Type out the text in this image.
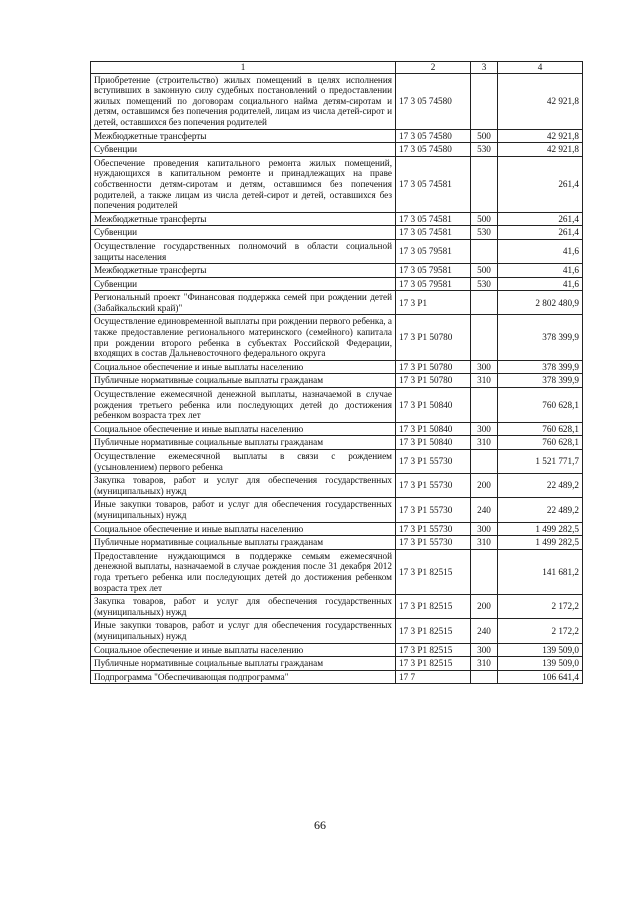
1	2	3	4
Приобретение (строительство) жилых помещений в целях исполнения вступивших в законную силу судебных постановлений о предоставлении жилых помещений по договорам социального найма детям-сиротам и детям, оставшимся без попечения родителей, лицам из числа детей-сирот и детей, оставшихся без попечения родителей	17 3 05 74580		42 921,8
Межбюджетные трансферты	17 3 05 74580	500	42 921,8
Субвенции	17 3 05 74580	530	42 921,8
Обеспечение проведения капитального ремонта жилых помещений, нуждающихся в капитальном ремонте и принадлежащих на праве собственности детям-сиротам и детям, оставшимся без попечения родителей, а также лицам из числа детей-сирот и детей, оставшихся без попечения родителей	17 3 05 74581		261,4
Межбюджетные трансферты	17 3 05 74581	500	261,4
Субвенции	17 3 05 74581	530	261,4
Осуществление государственных полномочий в области социальной защиты населения	17 3 05 79581		41,6
Межбюджетные трансферты	17 3 05 79581	500	41,6
Субвенции	17 3 05 79581	530	41,6
Региональный проект "Финансовая поддержка семей при рождении детей (Забайкальский край)"	17 3 P1		2 802 480,9
Осуществление единовременной выплаты при рождении первого ребенка, а также предоставление регионального материнского (семейного) капитала при рождении второго ребенка в субъектах Российской Федерации, входящих в состав Дальневосточного федерального округа	17 3 P1 50780		378 399,9
Социальное обеспечение и иные выплаты населению	17 3 P1 50780	300	378 399,9
Публичные нормативные социальные выплаты гражданам	17 3 P1 50780	310	378 399,9
Осуществление ежемесячной денежной выплаты, назначаемой в случае рождения третьего ребенка или последующих детей до достижения ребенком возраста трех лет	17 3 P1 50840		760 628,1
Социальное обеспечение и иные выплаты населению	17 3 P1 50840	300	760 628,1
Публичные нормативные социальные выплаты гражданам	17 3 P1 50840	310	760 628,1
Осуществление ежемесячной выплаты в связи с рождением (усыновлением) первого ребенка	17 3 P1 55730		1 521 771,7
Закупка товаров, работ и услуг для обеспечения государственных (муниципальных) нужд	17 3 P1 55730	200	22 489,2
Иные закупки товаров, работ и услуг для обеспечения государственных (муниципальных) нужд	17 3 P1 55730	240	22 489,2
Социальное обеспечение и иные выплаты населению	17 3 P1 55730	300	1 499 282,5
Публичные нормативные социальные выплаты гражданам	17 3 P1 55730	310	1 499 282,5
Предоставление нуждающимся в поддержке семьям ежемесячной денежной выплаты, назначаемой в случае рождения после 31 декабря 2012 года третьего ребенка или последующих детей до достижения ребенком возраста трех лет	17 3 P1 82515		141 681,2
Закупка товаров, работ и услуг для обеспечения государственных (муниципальных) нужд	17 3 P1 82515	200	2 172,2
Иные закупки товаров, работ и услуг для обеспечения государственных (муниципальных) нужд	17 3 P1 82515	240	2 172,2
Социальное обеспечение и иные выплаты населению	17 3 P1 82515	300	139 509,0
Публичные нормативные социальные выплаты гражданам	17 3 P1 82515	310	139 509,0
Подпрограмма "Обеспечивающая подпрограмма"	17 7		106 641,4
66
